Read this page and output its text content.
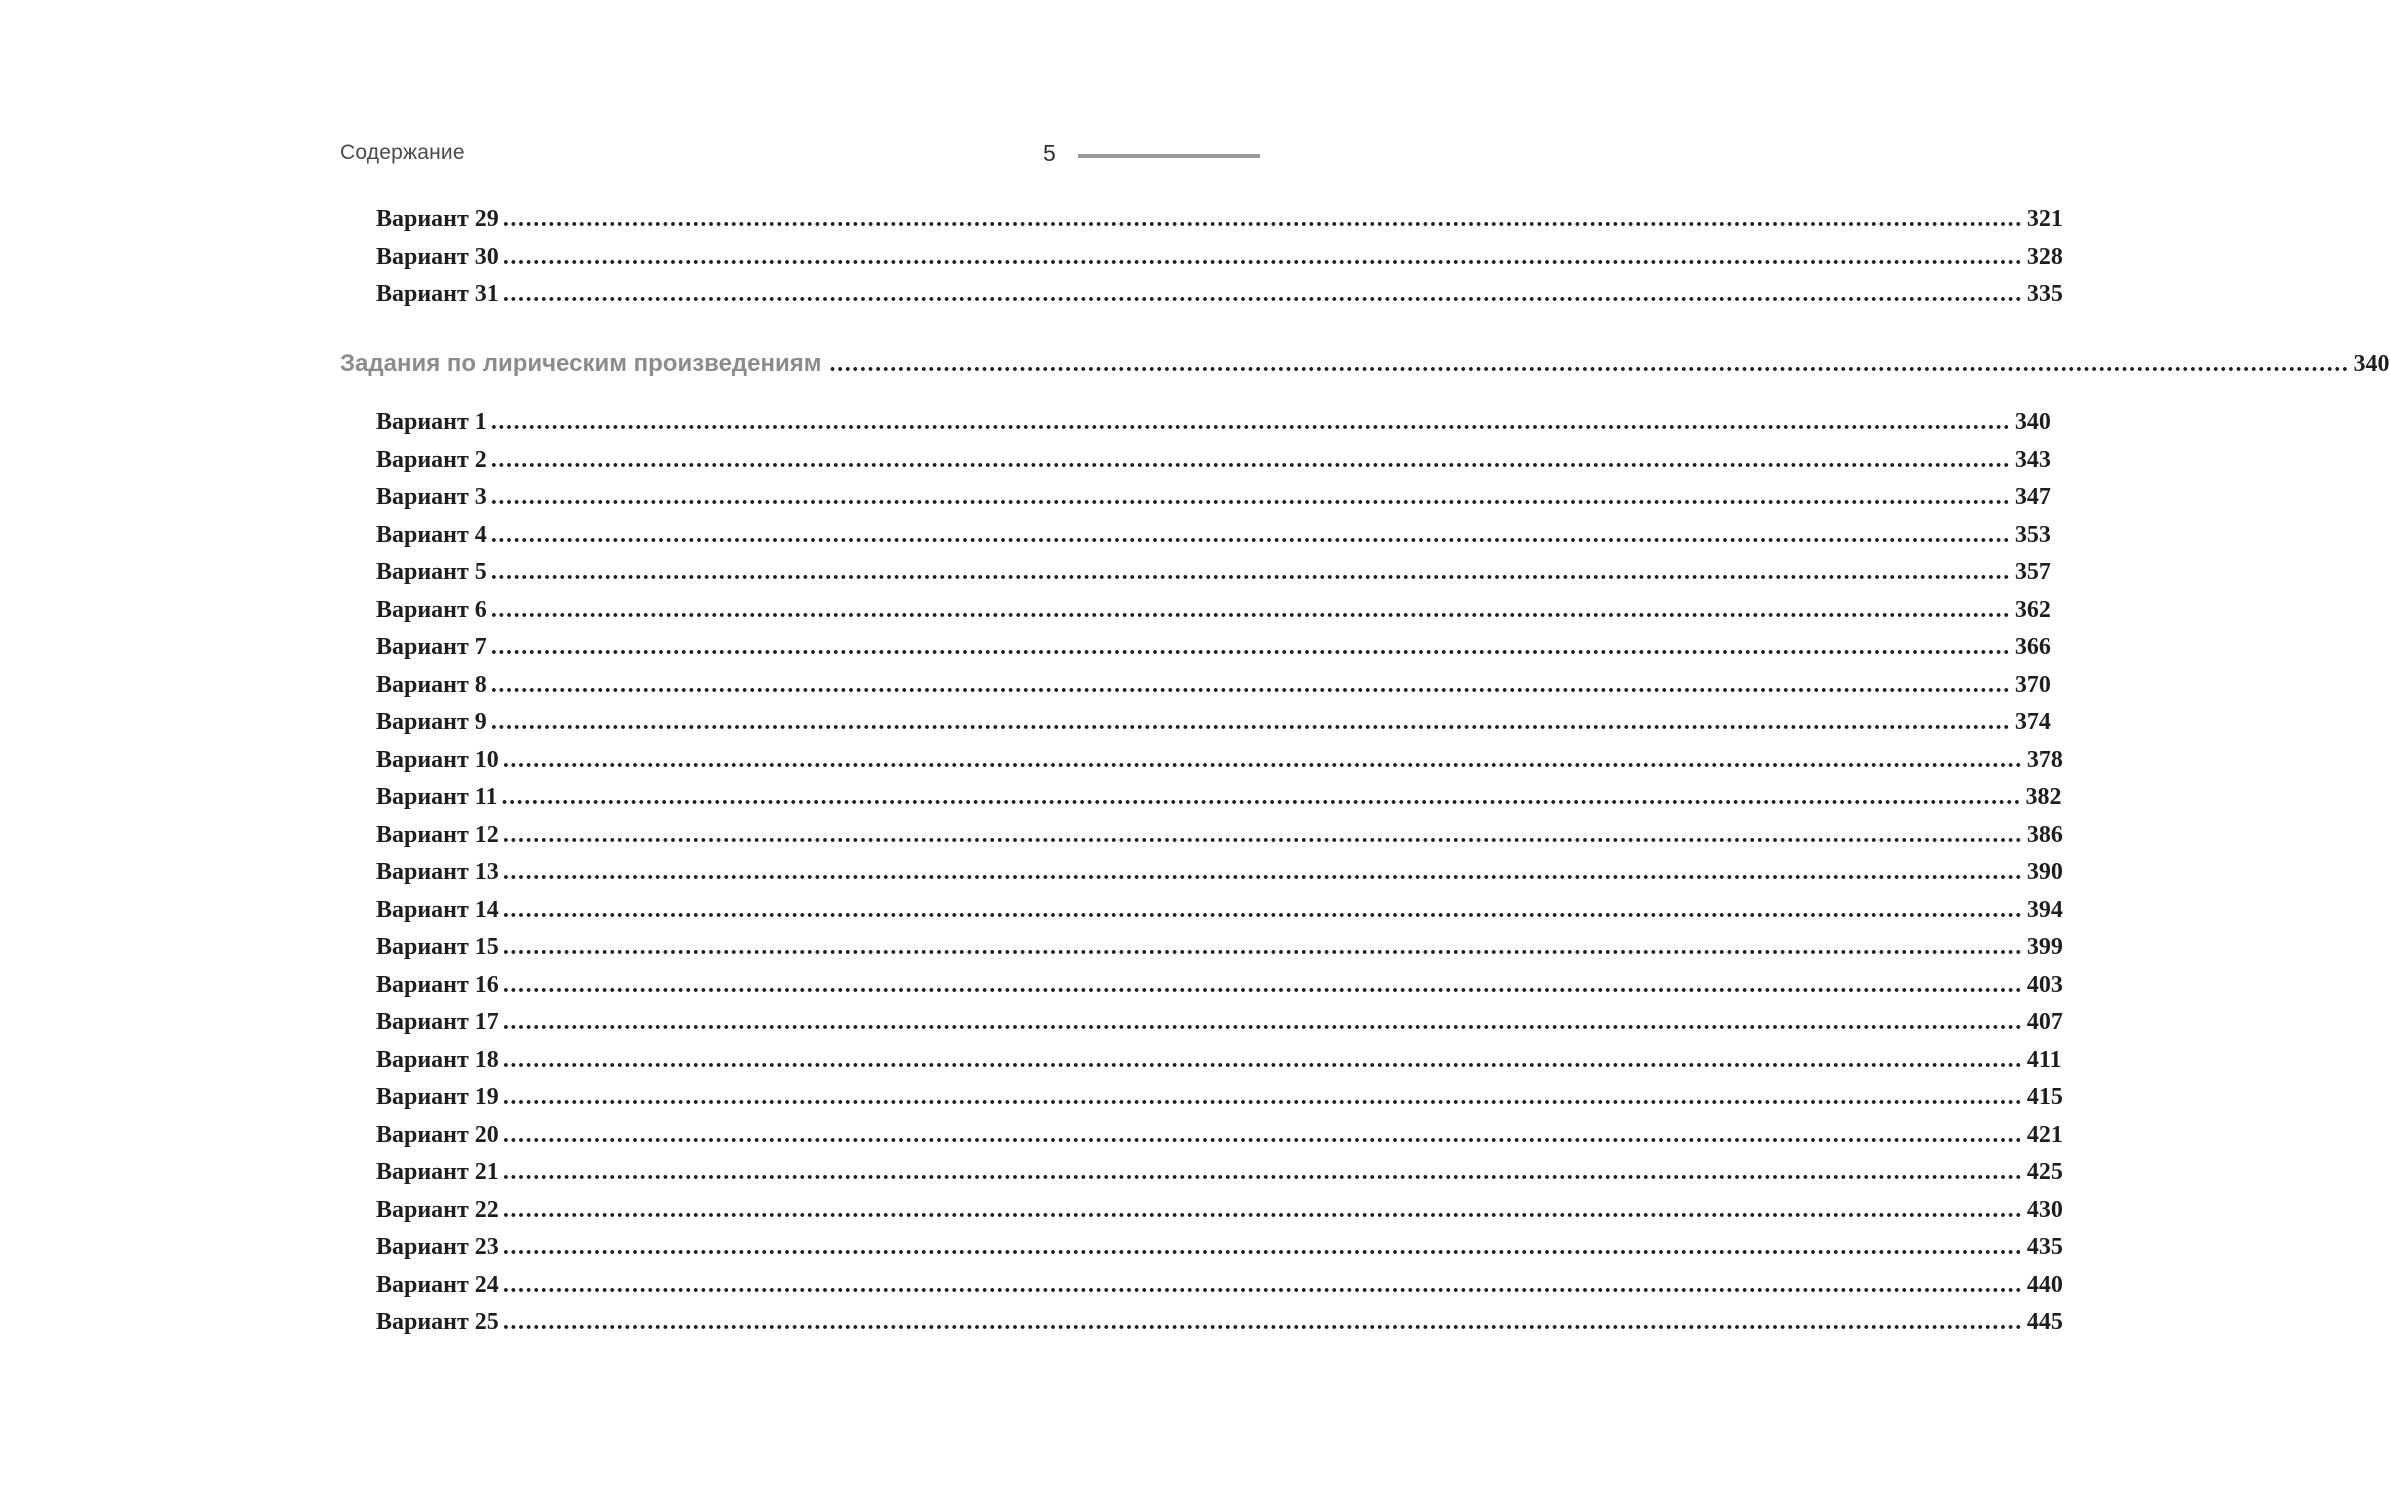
Содержание	5
Вариант 29 ........................................................................................................................................................................................................ 321
Вариант 30 ........................................................................................................................................................................................................ 328
Вариант 31 ........................................................................................................................................................................................................ 335
Задания по лирическим произведениям ........................................................................................................................................................................................................ 340
Вариант 1 ........................................................................................................................................................................................................ 340
Вариант 2 ........................................................................................................................................................................................................ 343
Вариант 3 ........................................................................................................................................................................................................ 347
Вариант 4 ........................................................................................................................................................................................................ 353
Вариант 5 ........................................................................................................................................................................................................ 357
Вариант 6 ........................................................................................................................................................................................................ 362
Вариант 7 ........................................................................................................................................................................................................ 366
Вариант 8 ........................................................................................................................................................................................................ 370
Вариант 9 ........................................................................................................................................................................................................ 374
Вариант 10 ........................................................................................................................................................................................................ 378
Вариант 11 ........................................................................................................................................................................................................ 382
Вариант 12 ........................................................................................................................................................................................................ 386
Вариант 13 ........................................................................................................................................................................................................ 390
Вариант 14 ........................................................................................................................................................................................................ 394
Вариант 15 ........................................................................................................................................................................................................ 399
Вариант 16 ........................................................................................................................................................................................................ 403
Вариант 17 ........................................................................................................................................................................................................ 407
Вариант 18 ........................................................................................................................................................................................................ 411
Вариант 19 ........................................................................................................................................................................................................ 415
Вариант 20 ........................................................................................................................................................................................................ 421
Вариант 21 ........................................................................................................................................................................................................ 425
Вариант 22 ........................................................................................................................................................................................................ 430
Вариант 23 ........................................................................................................................................................................................................ 435
Вариант 24 ........................................................................................................................................................................................................ 440
Вариант 25 ........................................................................................................................................................................................................ 445
